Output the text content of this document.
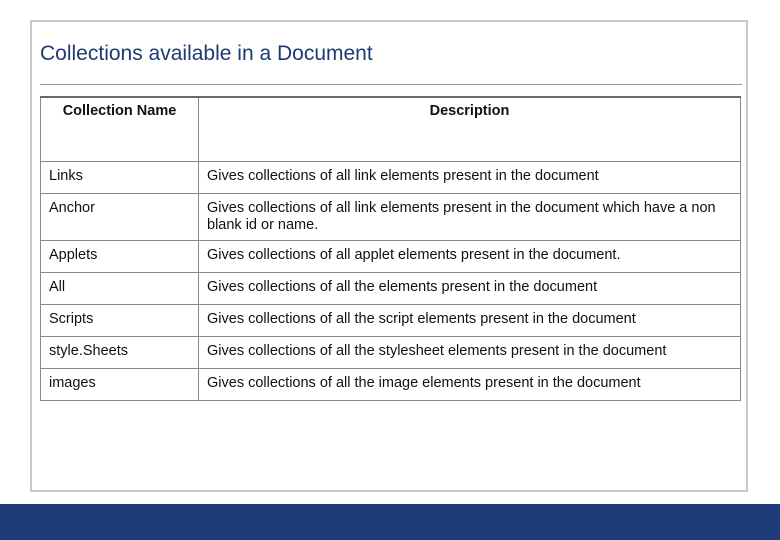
Collections available in a Document
Collection Name	Description
Links	Gives collections of all link elements present in the document
Anchor	Gives collections of all link elements present in the document which have a non blank id or name.
Applets	Gives collections of all applet elements present in the document.
All	Gives collections of all the elements present in the document
Scripts	Gives collections of all the script elements present in the document
style.Sheets	Gives collections of all the stylesheet elements present in the document
images	Gives collections of all the image elements present in the document
